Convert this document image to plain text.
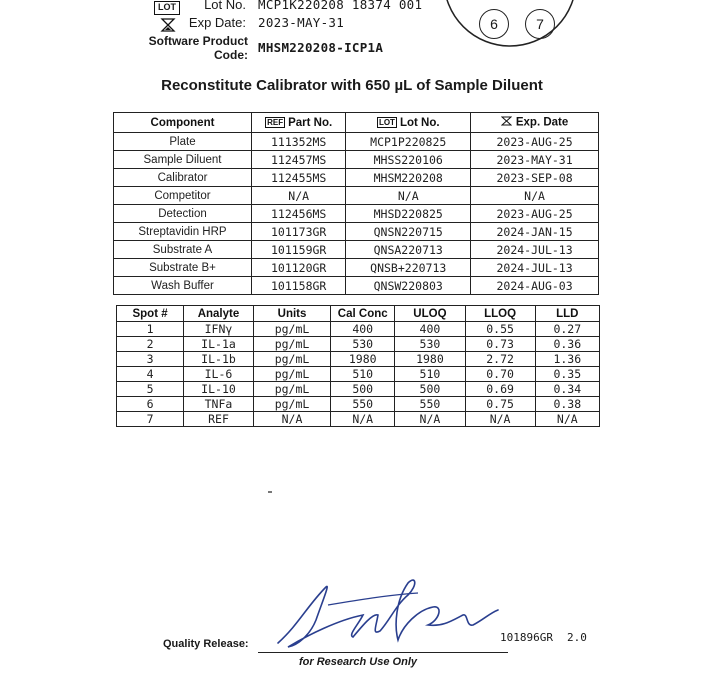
LOT	Lot No. MCP1K220208 18374 001
Exp Date: 2023-MAY-31
Software Product
Code: MHSM220208-ICP1A
6	7
Reconstitute Calibrator with 650 µL of Sample Diluent
Component	REF Part No.	LOT Lot No.	Exp. Date
Plate	111352MS	MCP1P220825	2023-AUG-25
Sample Diluent	112457MS	MHSS220106	2023-MAY-31
Calibrator	112455MS	MHSM220208	2023-SEP-08
Competitor	N/A	N/A	N/A
Detection	112456MS	MHSD220825	2023-AUG-25
Streptavidin HRP	101173GR	QNSN220715	2024-JAN-15
Substrate A	101159GR	QNSA220713	2024-JUL-13
Substrate B+	101120GR	QNSB+220713	2024-JUL-13
Wash Buffer	101158GR	QNSW220803	2024-AUG-03
Spot #	Analyte	Units	Cal Conc	ULOQ	LLOQ	LLD
1	IFNγ	pg/mL	400	400	0.55	0.27
2	IL-1a	pg/mL	530	530	0.73	0.36
3	IL-1b	pg/mL	1980	1980	2.72	1.36
4	IL-6	pg/mL	510	510	0.70	0.35
5	IL-10	pg/mL	500	500	0.69	0.34
6	TNFa	pg/mL	550	550	0.75	0.38
7	REF	N/A	N/A	N/A	N/A	N/A
Quality Release:	101896GR 2.0
for Research Use Only
